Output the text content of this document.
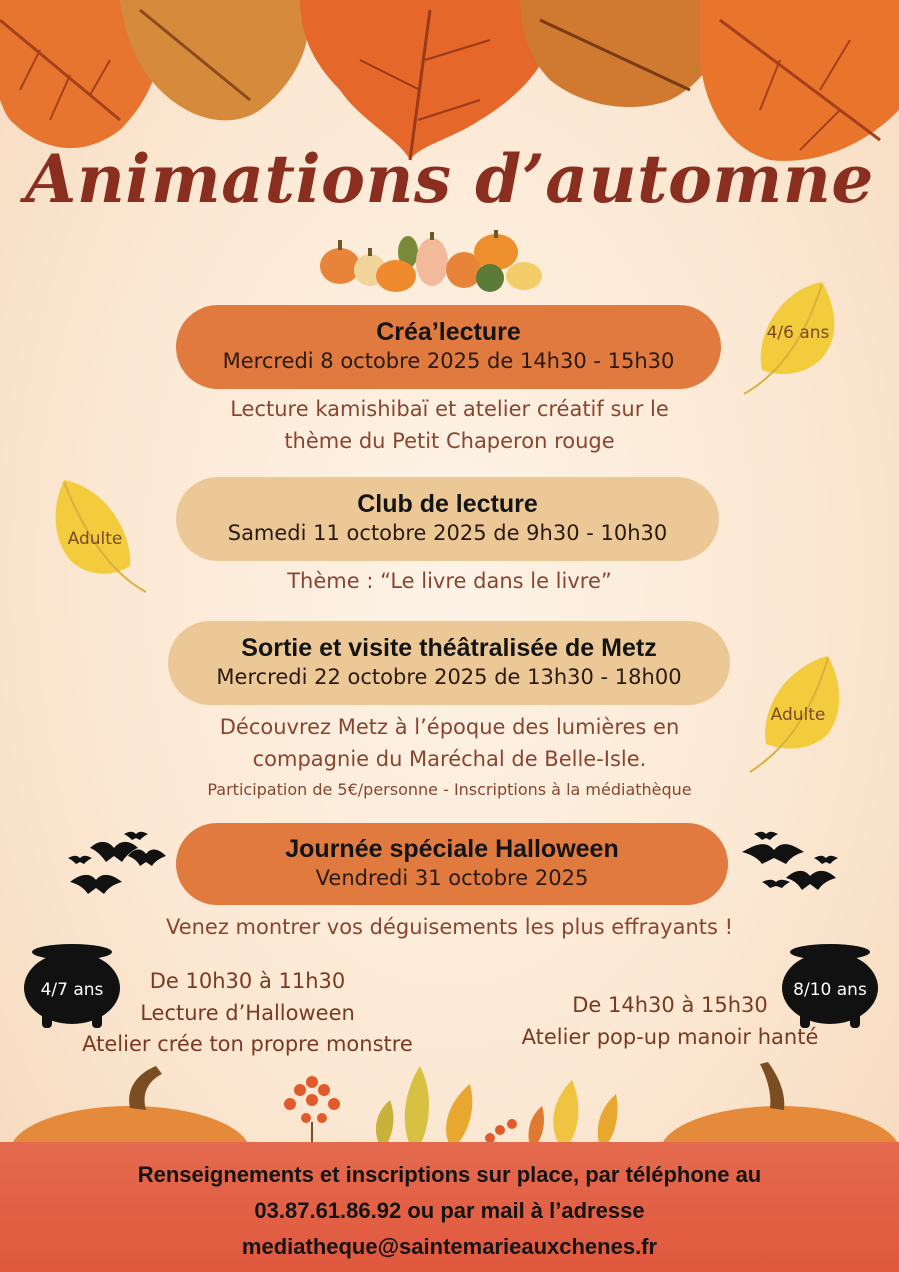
Animations d’automne
Créa’lecture
Mercredi 8 octobre 2025 de 14h30 - 15h30
Lecture kamishibaï et atelier créatif sur le
thème du Petit Chaperon rouge
4/6 ans
Club de lecture
Samedi 11 octobre 2025 de 9h30 - 10h30
Thème : “Le livre dans le livre”
Adulte
Sortie et visite théâtralisée de Metz
Mercredi 22 octobre 2025 de 13h30 - 18h00
Découvrez Metz à l’époque des lumières en
compagnie du Maréchal de Belle-Isle.
Participation de 5€/personne - Inscriptions à la médiathèque
Adulte
Journée spéciale Halloween
Vendredi 31 octobre 2025
Venez montrer vos déguisements les plus effrayants !
4/7 ans	8/10 ans
De 10h30 à 11h30
Lecture d’Halloween
Atelier crée ton propre monstre
De 14h30 à 15h30
Atelier pop-up manoir hanté
Renseignements et inscriptions sur place, par téléphone au
03.87.61.86.92 ou par mail à l’adresse
mediatheque@saintemarieauxchenes.fr
